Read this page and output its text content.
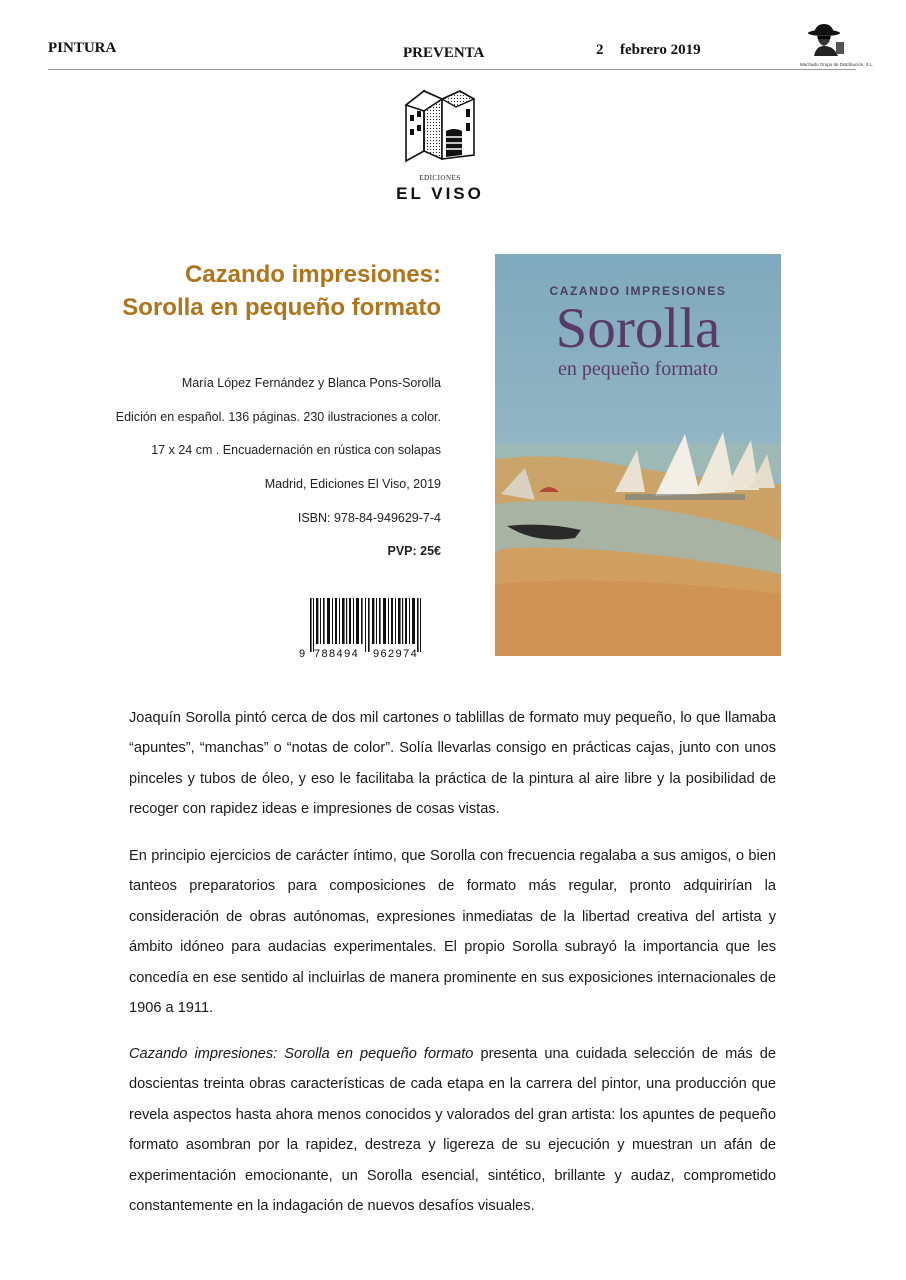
PINTURA	PREVENTA	2 febrero 2019
Machado Grupo de Distribución, S.L.
EDICIONES
EL VISO
Cazando impresiones:
Sorolla en pequeño formato
María López Fernández y Blanca Pons-Sorolla
Edición en español. 136 páginas. 230 ilustraciones a color.
17 x 24 cm . Encuadernación en rústica con solapas
Madrid, Ediciones El Viso, 2019
ISBN: 978-84-949629-7-4
PVP: 25€
9 788494 962974
CAZANDO IMPRESIONES
Sorolla
en pequeño formato
Joaquín Sorolla pintó cerca de dos mil cartones o tablillas de formato muy pequeño, lo que llamaba “apuntes”, “manchas” o “notas de color”. Solía llevarlas consigo en prácticas cajas, junto con unos pinceles y tubos de óleo, y eso le facilitaba la práctica de la pintura al aire libre y la posibilidad de recoger con rapidez ideas e impresiones de cosas vistas.
En principio ejercicios de carácter íntimo, que Sorolla con frecuencia regalaba a sus amigos, o bien tanteos preparatorios para composiciones de formato más regular, pronto adquirirían la consideración de obras autónomas, expresiones inmediatas de la libertad creativa del artista y ámbito idóneo para audacias experimentales. El propio Sorolla subrayó la importancia que les concedía en ese sentido al incluirlas de manera prominente en sus exposiciones internacionales de 1906 a 1911.
Cazando impresiones: Sorolla en pequeño formato presenta una cuidada selección de más de doscientas treinta obras características de cada etapa en la carrera del pintor, una producción que revela aspectos hasta ahora menos conocidos y valorados del gran artista: los apuntes de pequeño formato asombran por la rapidez, destreza y ligereza de su ejecución y muestran un afán de experimentación emocionante, un Sorolla esencial, sintético, brillante y audaz, comprometido constantemente en la indagación de nuevos desafíos visuales.
